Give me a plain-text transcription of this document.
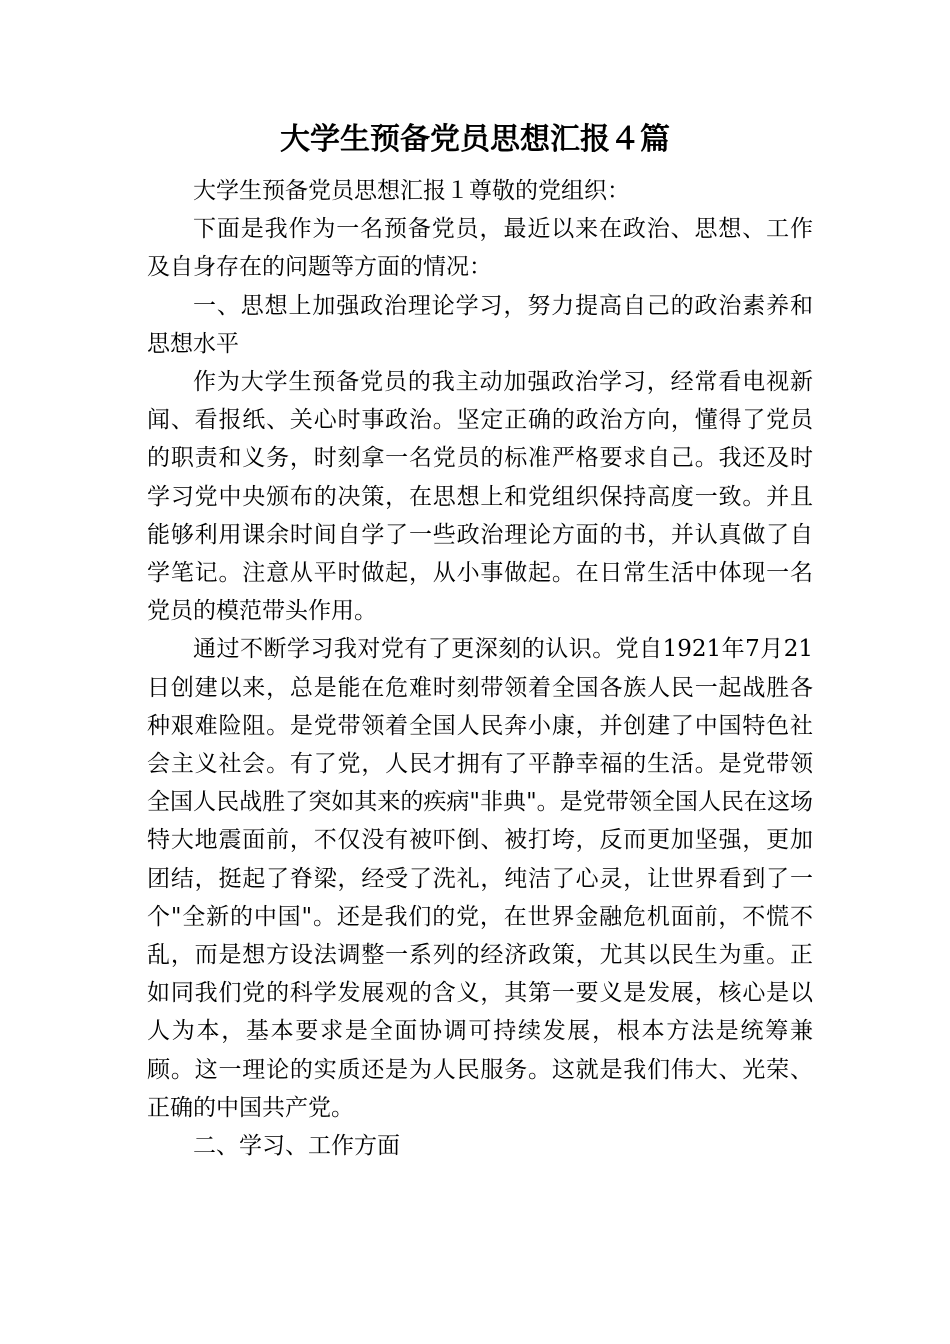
大学生预备党员思想汇报４篇

大学生预备党员思想汇报１尊敬的党组织：

下面是我作为一名预备党员，最近以来在政治、思想、工作及自身存在的问题等方面的情况：

一、思想上加强政治理论学习，努力提高自己的政治素养和思想水平

作为大学生预备党员的我主动加强政治学习，经常看电视新闻、看报纸、关心时事政治。坚定正确的政治方向，懂得了党员的职责和义务，时刻拿一名党员的标准严格要求自己。我还及时学习党中央颁布的决策，在思想上和党组织保持高度一致。并且能够利用课余时间自学了一些政治理论方面的书，并认真做了自学笔记。注意从平时做起，从小事做起。在日常生活中体现一名党员的模范带头作用。

通过不断学习我对党有了更深刻的认识。党自1921年7月21日创建以来，总是能在危难时刻带领着全国各族人民一起战胜各种艰难险阻。是党带领着全国人民奔小康，并创建了中国特色社会主义社会。有了党，人民才拥有了平静幸福的生活。是党带领全国人民战胜了突如其来的疾病"非典"。是党带领全国人民在这场特大地震面前，不仅没有被吓倒、被打垮，反而更加坚强，更加团结，挺起了脊梁，经受了洗礼，纯洁了心灵，让世界看到了一个"全新的中国"。还是我们的党，在世界金融危机面前，不慌不乱，而是想方设法调整一系列的经济政策，尤其以民生为重。正如同我们党的科学发展观的含义，其第一要义是发展，核心是以人为本，基本要求是全面协调可持续发展，根本方法是统筹兼顾。这一理论的实质还是为人民服务。这就是我们伟大、光荣、正确的中国共产党。

二、学习、工作方面
